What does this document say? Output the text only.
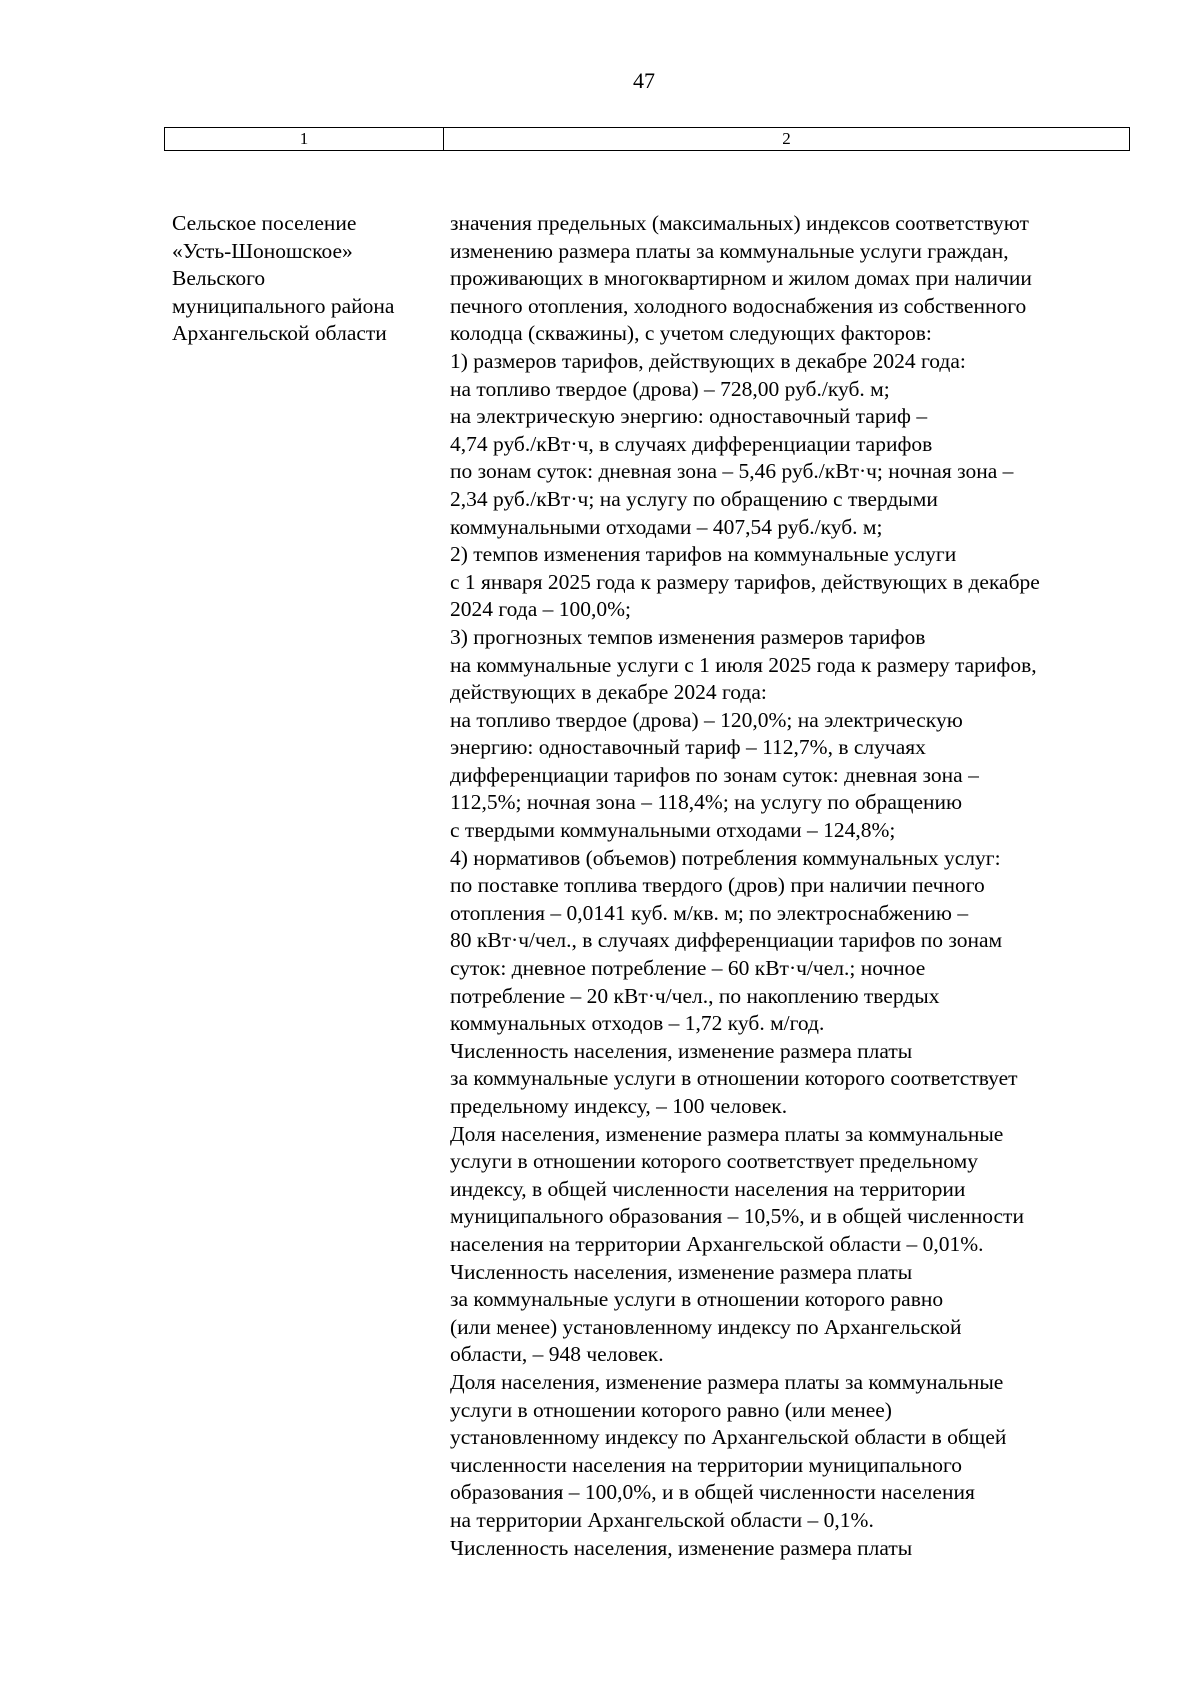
47
1	2
Сельское поселение
«Усть-Шоношское»
Вельского
муниципального района
Архангельской области
значения предельных (максимальных) индексов соответствуют
изменению размера платы за коммунальные услуги граждан,
проживающих в многоквартирном и жилом домах при наличии
печного отопления, холодного водоснабжения из собственного
колодца (скважины), с учетом следующих факторов:
1) размеров тарифов, действующих в декабре 2024 года:
на топливо твердое (дрова) – 728,00 руб./куб. м;
на электрическую энергию: одноставочный тариф –
4,74 руб./кВт·ч, в случаях дифференциации тарифов
по зонам суток: дневная зона – 5,46 руб./кВт·ч; ночная зона –
2,34 руб./кВт·ч; на услугу по обращению с твердыми
коммунальными отходами – 407,54 руб./куб. м;
2) темпов изменения тарифов на коммунальные услуги
с 1 января 2025 года к размеру тарифов, действующих в декабре
2024 года – 100,0%;
3) прогнозных темпов изменения размеров тарифов
на коммунальные услуги с 1 июля 2025 года к размеру тарифов,
действующих в декабре 2024 года:
на топливо твердое (дрова) – 120,0%; на электрическую
энергию: одноставочный тариф – 112,7%, в случаях
дифференциации тарифов по зонам суток: дневная зона –
112,5%; ночная зона – 118,4%; на услугу по обращению
с твердыми коммунальными отходами – 124,8%;
4) нормативов (объемов) потребления коммунальных услуг:
по поставке топлива твердого (дров) при наличии печного
отопления – 0,0141 куб. м/кв. м; по электроснабжению –
80 кВт·ч/чел., в случаях дифференциации тарифов по зонам
суток: дневное потребление – 60 кВт·ч/чел.; ночное
потребление – 20 кВт·ч/чел., по накоплению твердых
коммунальных отходов – 1,72 куб. м/год.
Численность населения, изменение размера платы
за коммунальные услуги в отношении которого соответствует
предельному индексу, – 100 человек.
Доля населения, изменение размера платы за коммунальные
услуги в отношении которого соответствует предельному
индексу, в общей численности населения на территории
муниципального образования – 10,5%, и в общей численности
населения на территории Архангельской области – 0,01%.
Численность населения, изменение размера платы
за коммунальные услуги в отношении которого равно
(или менее) установленному индексу по Архангельской
области, – 948 человек.
Доля населения, изменение размера платы за коммунальные
услуги в отношении которого равно (или менее)
установленному индексу по Архангельской области в общей
численности населения на территории муниципального
образования – 100,0%, и в общей численности населения
на территории Архангельской области – 0,1%.
Численность населения, изменение размера платы
